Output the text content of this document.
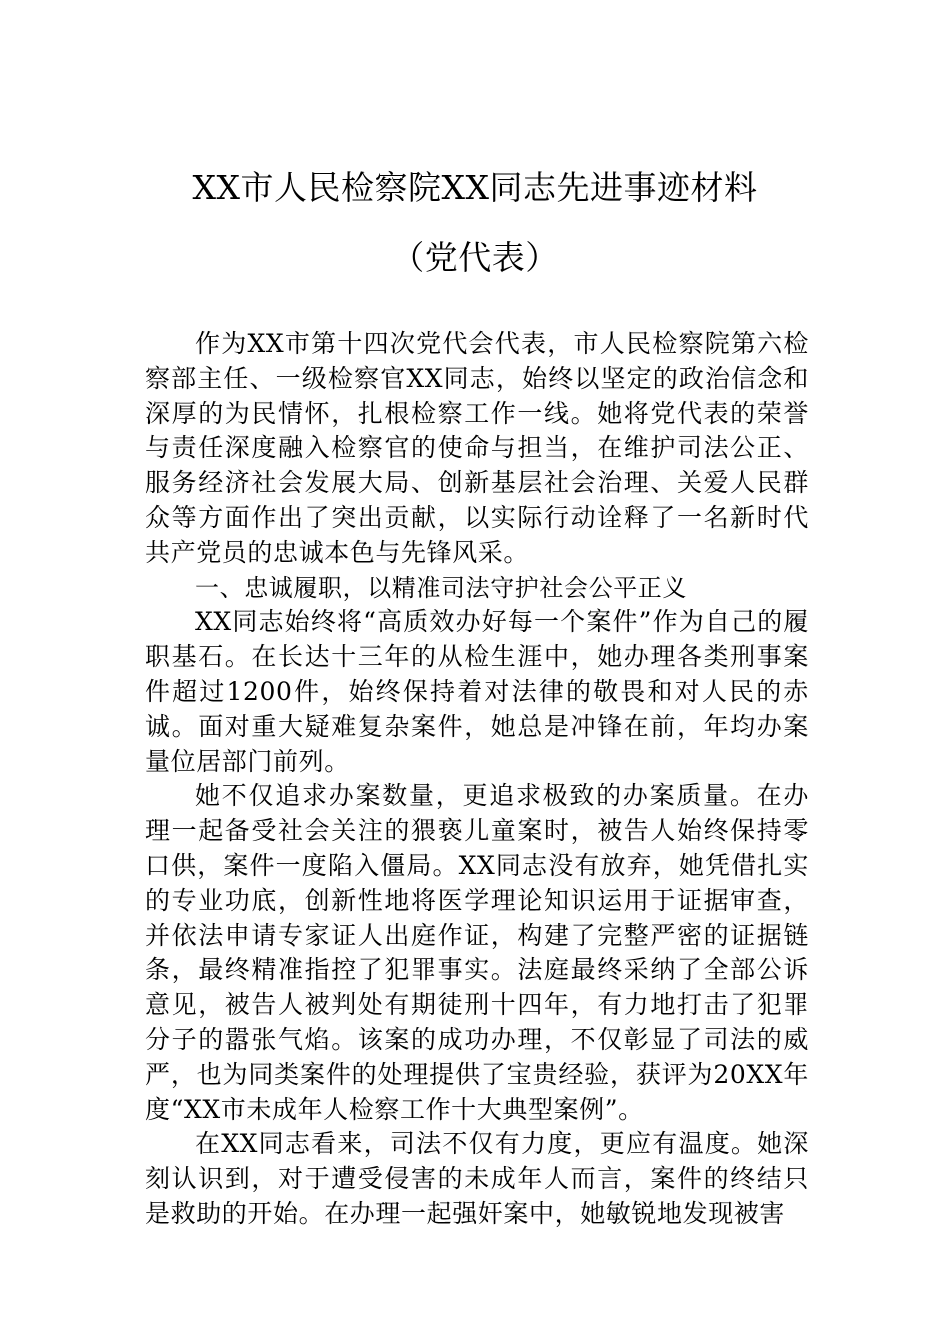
XX市人民检察院XX同志先进事迹材料
（党代表）

作为XX市第十四次党代会代表，市人民检察院第六检察部主任、一级检察官XX同志，始终以坚定的政治信念和深厚的为民情怀，扎根检察工作一线。她将党代表的荣誉与责任深度融入检察官的使命与担当，在维护司法公正、服务经济社会发展大局、创新基层社会治理、关爱人民群众等方面作出了突出贡献，以实际行动诠释了一名新时代共产党员的忠诚本色与先锋风采。

一、忠诚履职，以精准司法守护社会公平正义

XX同志始终将“高质效办好每一个案件”作为自己的履职基石。在长达十三年的从检生涯中，她办理各类刑事案件超过1200件，始终保持着对法律的敬畏和对人民的赤诚。面对重大疑难复杂案件，她总是冲锋在前，年均办案量位居部门前列。

她不仅追求办案数量，更追求极致的办案质量。在办理一起备受社会关注的猥亵儿童案时，被告人始终保持零口供，案件一度陷入僵局。XX同志没有放弃，她凭借扎实的专业功底，创新性地将医学理论知识运用于证据审查，并依法申请专家证人出庭作证，构建了完整严密的证据链条，最终精准指控了犯罪事实。法庭最终采纳了全部公诉意见，被告人被判处有期徒刑十四年，有力地打击了犯罪分子的嚣张气焰。该案的成功办理，不仅彰显了司法的威严，也为同类案件的处理提供了宝贵经验，获评为20XX年度“XX市未成年人检察工作十大典型案例”。

在XX同志看来，司法不仅有力度，更应有温度。她深刻认识到，对于遭受侵害的未成年人而言，案件的终结只是救助的开始。在办理一起强奸案中，她敏锐地发现被害
